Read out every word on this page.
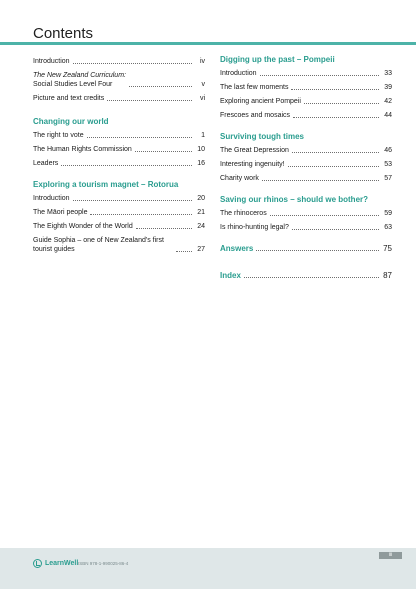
Contents
Introduction	iv
The New Zealand Curriculum:
Social Studies Level Four	v
Picture and text credits	vi
Changing our world
The right to vote	1
The Human Rights Commission	10
Leaders	16
Exploring a tourism magnet – Rotorua
Introduction	20
The Māori people	21
The Eighth Wonder of the World	24
Guide Sophia – one of New Zealand's first tourist guides	27
Digging up the past – Pompeii
Introduction	33
The last few moments	39
Exploring ancient Pompeii	42
Frescoes and mosaics	44
Surviving tough times
The Great Depression	46
Interesting ingenuity!	53
Charity work	57
Saving our rhinos – should we bother?
The rhinoceros	59
Is rhino-hunting legal?	63
Answers	75
Index	87
iii
LearnWell ISBN 978-1-990025-86-4
